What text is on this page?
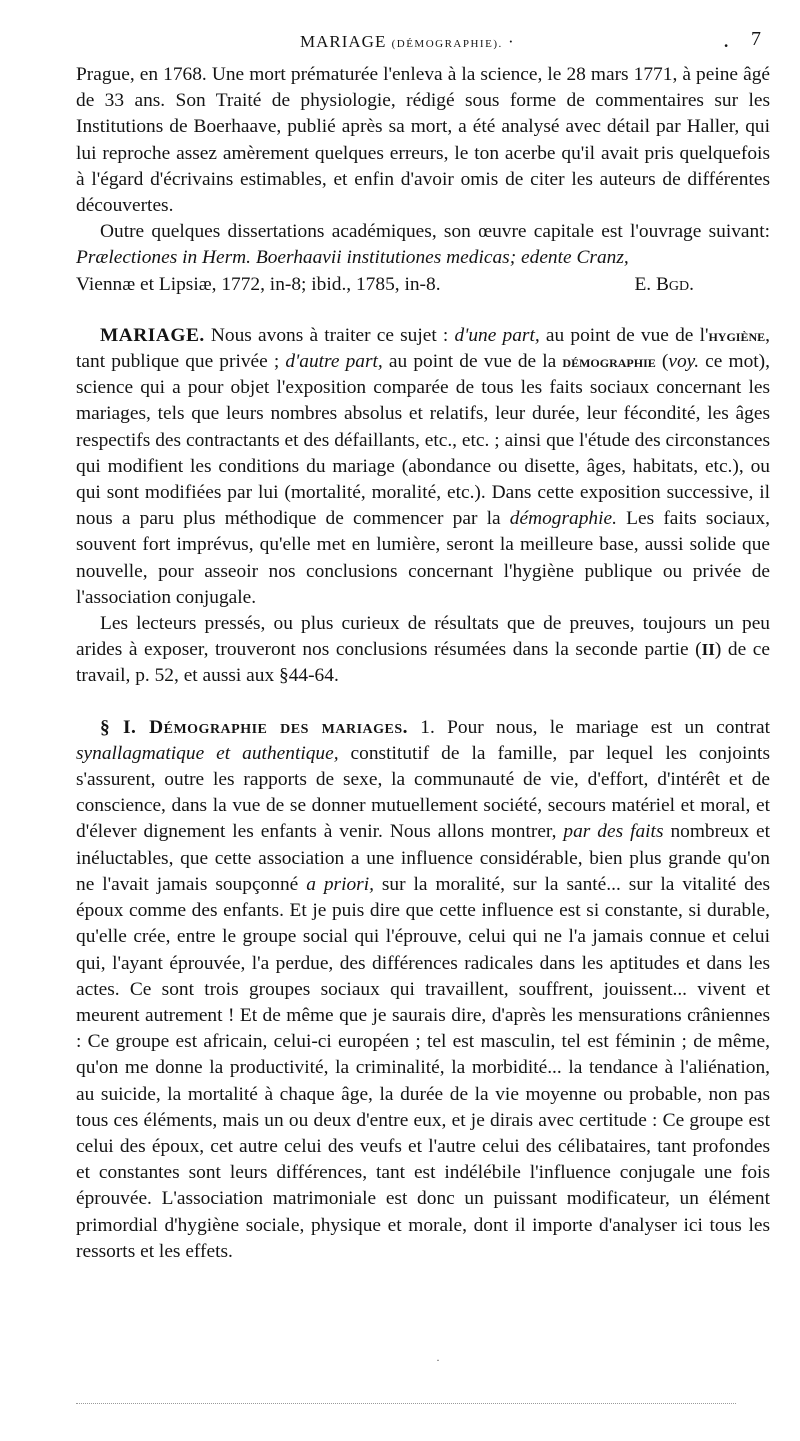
MARIAGE (DÉMOGRAPHIE). ·	. 7

Prague, en 1768. Une mort prématurée l'enleva à la science, le 28 mars 1771, à peine âgé de 33 ans. Son Traité de physiologie, rédigé sous forme de commentaires sur les Institutions de Boerhaave, publié après sa mort, a été analysé avec détail par Haller, qui lui reproche assez amèrement quelques erreurs, le ton acerbe qu'il avait pris quelquefois à l'égard d'écrivains estimables, et enfin d'avoir omis de citer les auteurs de différentes découvertes.

Outre quelques dissertations académiques, son œuvre capitale est l'ouvrage suivant: Prælectiones in Herm. Boerhaavii institutiones medicas; edente Cranz,

Viennæ et Lipsiæ, 1772, in-8; ibid., 1785, in-8.	E. Bgd.

MARIAGE. Nous avons à traiter ce sujet : d'une part, au point de vue de l'hygiène, tant publique que privée ; d'autre part, au point de vue de la démographie (voy. ce mot), science qui a pour objet l'exposition comparée de tous les faits sociaux concernant les mariages, tels que leurs nombres absolus et relatifs, leur durée, leur fécondité, les âges respectifs des contractants et des défaillants, etc., etc. ; ainsi que l'étude des circonstances qui modifient les conditions du mariage (abondance ou disette, âges, habitats, etc.), ou qui sont modifiées par lui (mortalité, moralité, etc.). Dans cette exposition successive, il nous a paru plus méthodique de commencer par la démographie. Les faits sociaux, souvent fort imprévus, qu'elle met en lumière, seront la meilleure base, aussi solide que nouvelle, pour asseoir nos conclusions concernant l'hygiène publique ou privée de l'association conjugale.

Les lecteurs pressés, ou plus curieux de résultats que de preuves, toujours un peu arides à exposer, trouveront nos conclusions résumées dans la seconde partie (II) de ce travail, p. 52, et aussi aux §44-64.

§ I. Démographie des mariages. 1. Pour nous, le mariage est un contrat synallagmatique et authentique, constitutif de la famille, par lequel les conjoints s'assurent, outre les rapports de sexe, la communauté de vie, d'effort, d'intérêt et de conscience, dans la vue de se donner mutuellement société, secours matériel et moral, et d'élever dignement les enfants à venir. Nous allons montrer, par des faits nombreux et inéluctables, que cette association a une influence considérable, bien plus grande qu'on ne l'avait jamais soupçonné a priori, sur la moralité, sur la santé... sur la vitalité des époux comme des enfants. Et je puis dire que cette influence est si constante, si durable, qu'elle crée, entre le groupe social qui l'éprouve, celui qui ne l'a jamais connue et celui qui, l'ayant éprouvée, l'a perdue, des différences radicales dans les aptitudes et dans les actes. Ce sont trois groupes sociaux qui travaillent, souffrent, jouissent... vivent et meurent autrement ! Et de même que je saurais dire, d'après les mensurations crâniennes : Ce groupe est africain, celui-ci européen ; tel est masculin, tel est féminin ; de même, qu'on me donne la productivité, la criminalité, la morbidité... la tendance à l'aliénation, au suicide, la mortalité à chaque âge, la durée de la vie moyenne ou probable, non pas tous ces éléments, mais un ou deux d'entre eux, et je dirais avec certitude : Ce groupe est celui des époux, cet autre celui des veufs et l'autre celui des célibataires, tant profondes et constantes sont leurs différences, tant est indélébile l'influence conjugale une fois éprouvée. L'association matrimoniale est donc un puissant modificateur, un élément primordial d'hygiène sociale, physique et morale, dont il importe d'analyser ici tous les ressorts et les effets.

·
